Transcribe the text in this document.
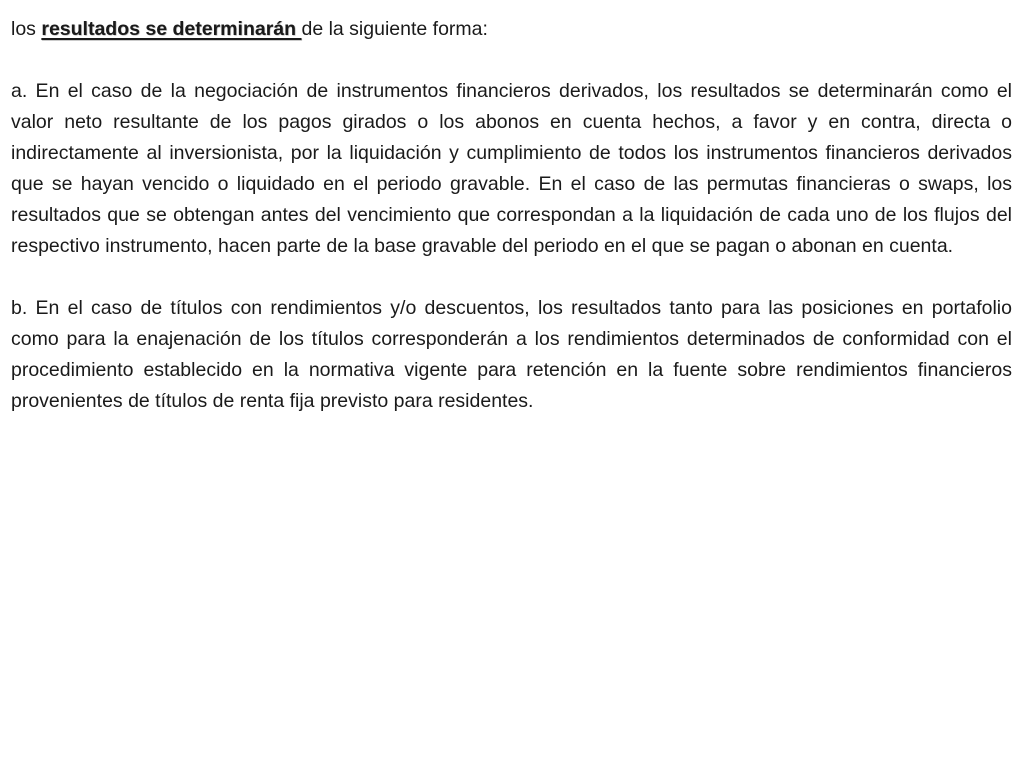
los resultados se determinarán de la siguiente forma:

a. En el caso de la negociación de instrumentos financieros derivados, los resultados se determinarán como el valor neto resultante de los pagos girados o los abonos en cuenta hechos, a favor y en contra, directa o indirectamente al inversionista, por la liquidación y cumplimiento de todos los instrumentos financieros derivados que se hayan vencido o liquidado en el periodo gravable. En el caso de las permutas financieras o swaps, los resultados que se obtengan antes del vencimiento que correspondan a la liquidación de cada uno de los flujos del respectivo instrumento, hacen parte de la base gravable del periodo en el que se pagan o abonan en cuenta.

b. En el caso de títulos con rendimientos y/o descuentos, los resultados tanto para las posiciones en portafolio como para la enajenación de los títulos corresponderán a los rendimientos determinados de conformidad con el procedimiento establecido en la normativa vigente para retención en la fuente sobre rendimientos financieros provenientes de títulos de renta fija previsto para residentes.
